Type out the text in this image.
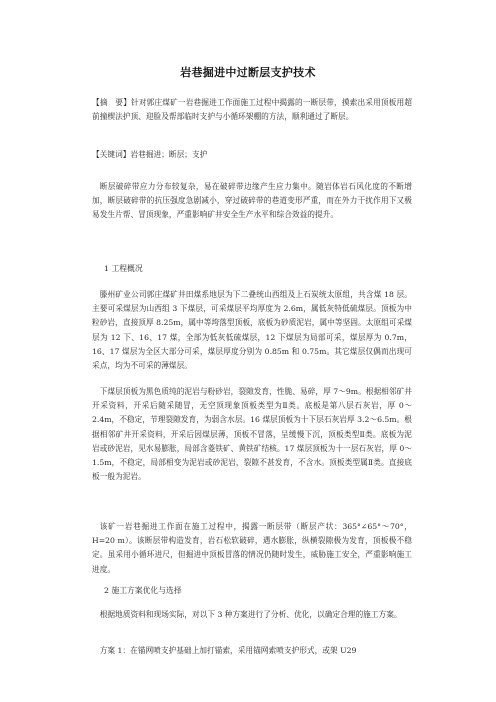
岩巷掘进中过断层支护技术
【摘　要】针对郭庄煤矿一岩巷掘进工作面施工过程中揭露的一断层带，摸索出采用顶板用超前撞楔法护顶、迎脸及帮部临时支护与小循环架棚的方法，顺利通过了断层。
【关键词】岩巷掘进；断层；支护
断层破碎带应力分布较复杂，易在破碎带边缘产生应力集中。随岩体岩石风化度的不断增加，断层破碎带的抗压强度急剧减小，穿过破碎带的巷道变形严重，而在外力干扰作用下又极易发生片帮、冒顶现象，严重影响矿井安全生产水平和综合效益的提升。
1 工程概况
滕州矿业公司郭庄煤矿井田煤系地层为下二叠统山西组及上石炭统太原组，共含煤 18 层。主要可采煤层为山西组 3 下煤层，可采煤层平均厚度为 2.6m，属低灰特低硫煤层。顶板为中粒砂岩，直接顶厚 8.25m，属中等垮落型顶板，底板为砂质泥岩，属中等坚固。太原组可采煤层为 12 下、16、17 煤，全部为低灰低硫煤层，12 下煤层为局部可采，煤层厚为 0.7m，16、17 煤层为全区大部分可采，煤层厚度分别为 0.85m 和 0.75m。其它煤层仅偶而出现可采点，均为不可采的薄煤层。
下煤层顶板为黑色质纯的泥岩与粉砂岩，裂隙发育，性脆、易碎，厚 7～9m。根据相邻矿井开采资料，开采后随采随冒，无空顶现象顶板类型为Ⅱ类。底板是第八层石灰岩，厚 0～2.4m，不稳定，节理裂隙发育，为弱含水层。16 煤层顶板为十下层石灰岩厚 3.2～6.5m。根据相邻矿井开采资料，开采后因煤层薄，顶板不冒落，呈缓慢下沉，顶板类型Ⅱ类。底板为泥岩或砂泥岩，见水易膨胀，局部含菱铁矿、黄铁矿结核。17 煤层顶板为十一层石灰岩，厚 0～1.5m，不稳定，局部相变为泥岩或砂泥岩，裂隙不甚发育，不含水。顶板类型属Ⅱ类。直接底板一般为泥岩。
该矿一岩巷掘进工作面在施工过程中，揭露一断层带（断层产状：365°∠65°～70°，H=20 m）。该断层带构造发育，岩石松软破碎，遇水膨胀，纵横裂隙极为发育，顶板极不稳定。虽采用小循环进尺，但掘进中顶板冒落的情况仍随时发生，威胁施工安全，严重影响施工进度。
2 施工方案优化与选择
根据地质资料和现场实际，对以下 3 种方案进行了分析、优化，以确定合理的施工方案。
方案 1：在锚网喷支护基础上加打锚索，采用锚网索喷支护形式，或架 U29
